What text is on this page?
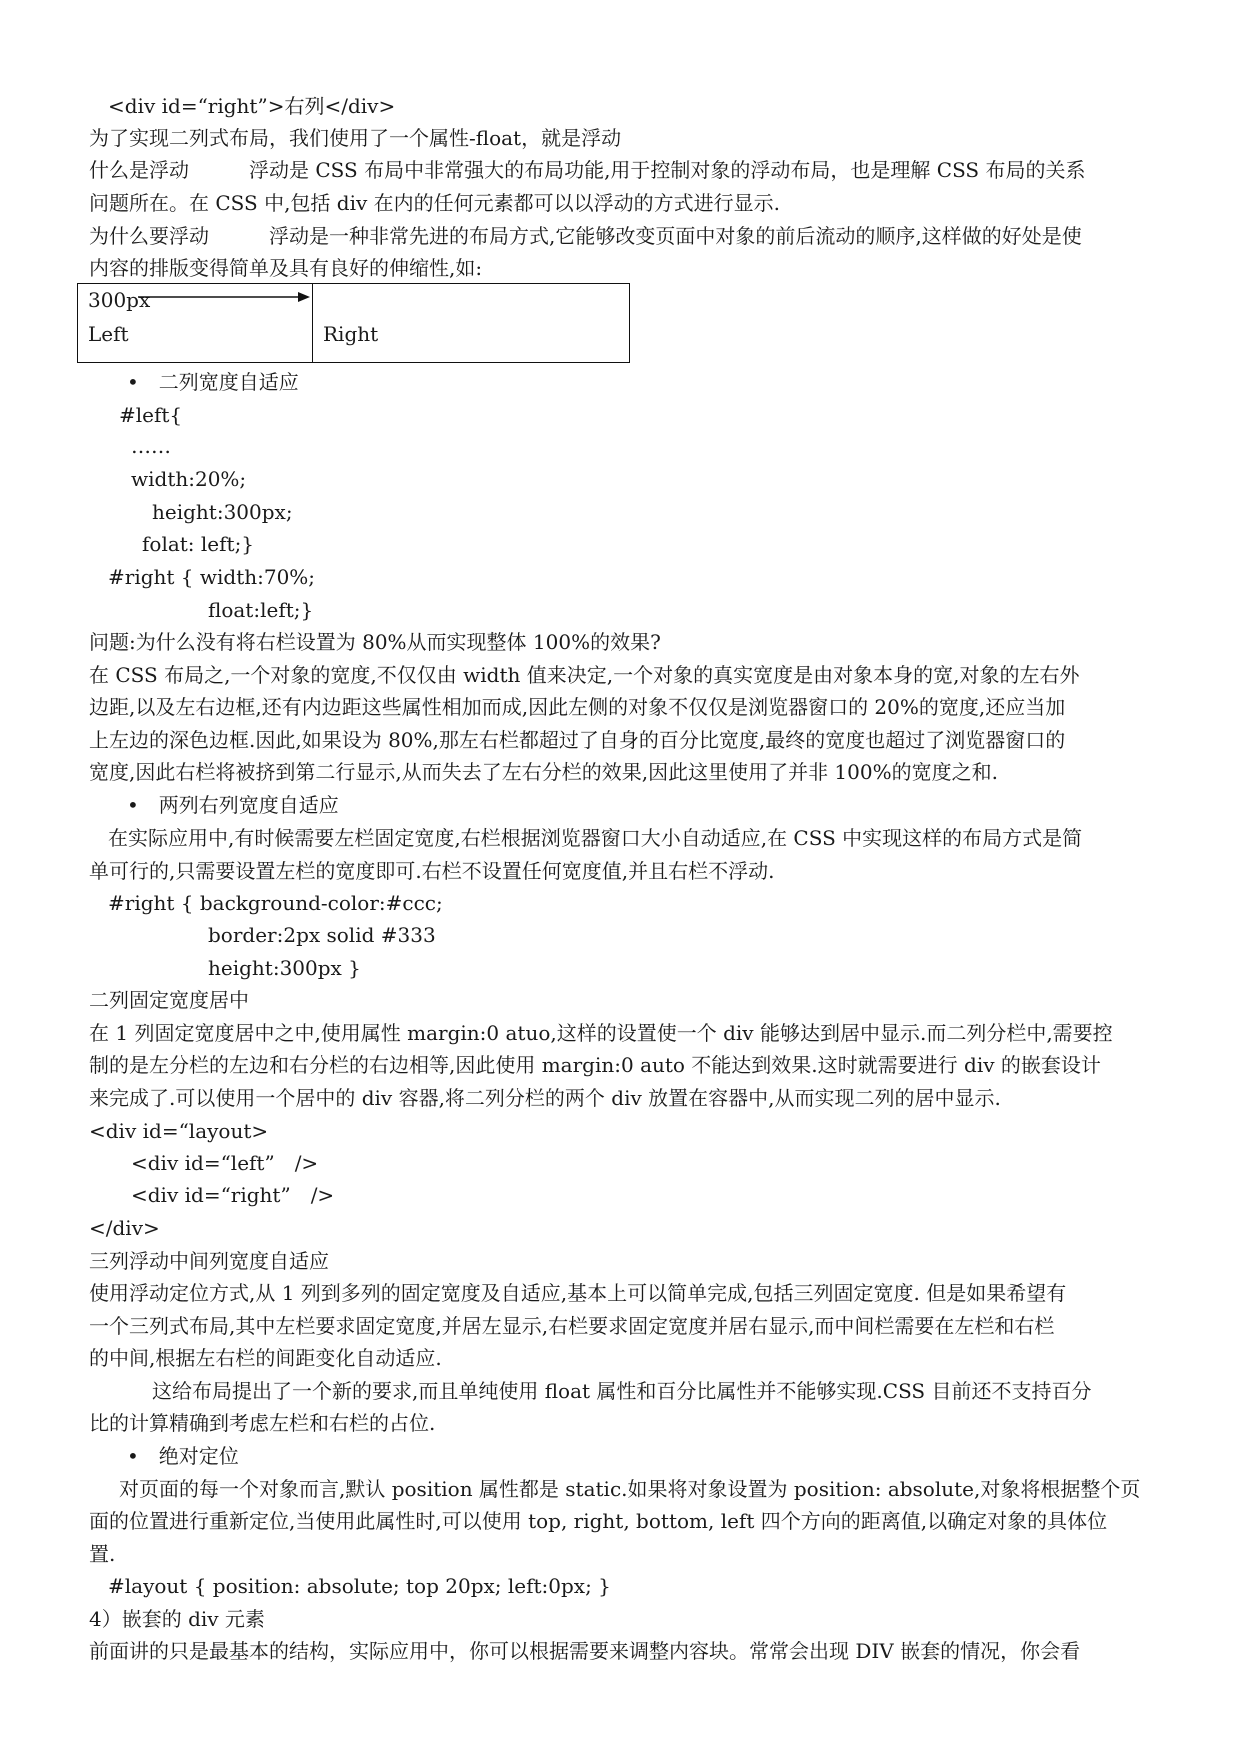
<div id=“right”>右列</div>
为了实现二列式布局，我们使用了一个属性-float，就是浮动
什么是浮动　　　浮动是 CSS 布局中非常强大的布局功能,用于控制对象的浮动布局，也是理解 CSS 布局的关系
问题所在。在 CSS 中,包括 div 在内的任何元素都可以以浮动的方式进行显示.
为什么要浮动　　　浮动是一种非常先进的布局方式,它能够改变页面中对象的前后流动的顺序,这样做的好处是使
内容的排版变得简单及具有良好的伸缩性,如:
•　二列宽度自适应
#left{
……
width:20%;
height:300px;
folat: left;}
#right { width:70%;
float:left;}
问题:为什么没有将右栏设置为 80%从而实现整体 100%的效果?
在 CSS 布局之,一个对象的宽度,不仅仅由 width 值来决定,一个对象的真实宽度是由对象本身的宽,对象的左右外
边距,以及左右边框,还有内边距这些属性相加而成,因此左侧的对象不仅仅是浏览器窗口的 20%的宽度,还应当加
上左边的深色边框.因此,如果设为 80%,那左右栏都超过了自身的百分比宽度,最终的宽度也超过了浏览器窗口的
宽度,因此右栏将被挤到第二行显示,从而失去了左右分栏的效果,因此这里使用了并非 100%的宽度之和.
•　两列右列宽度自适应
在实际应用中,有时候需要左栏固定宽度,右栏根据浏览器窗口大小自动适应,在 CSS 中实现这样的布局方式是简
单可行的,只需要设置左栏的宽度即可.右栏不设置任何宽度值,并且右栏不浮动.
#right { background-color:#ccc;
border:2px solid #333
height:300px }
二列固定宽度居中
在 1 列固定宽度居中之中,使用属性 margin:0 atuo,这样的设置使一个 div 能够达到居中显示.而二列分栏中,需要控
制的是左分栏的左边和右分栏的右边相等,因此使用 margin:0 auto 不能达到效果.这时就需要进行 div 的嵌套设计
来完成了.可以使用一个居中的 div 容器,将二列分栏的两个 div 放置在容器中,从而实现二列的居中显示.
<div id=“layout>
<div id=“left”　/>
<div id=“right”　/>
</div>
三列浮动中间列宽度自适应
使用浮动定位方式,从 1 列到多列的固定宽度及自适应,基本上可以简单完成,包括三列固定宽度. 但是如果希望有
一个三列式布局,其中左栏要求固定宽度,并居左显示,右栏要求固定宽度并居右显示,而中间栏需要在左栏和右栏
的中间,根据左右栏的间距变化自动适应.
这给布局提出了一个新的要求,而且单纯使用 float 属性和百分比属性并不能够实现.CSS 目前还不支持百分
比的计算精确到考虑左栏和右栏的占位.
•　绝对定位
对页面的每一个对象而言,默认 position 属性都是 static.如果将对象设置为 position: absolute,对象将根据整个页
面的位置进行重新定位,当使用此属性时,可以使用 top, right, bottom, left 四个方向的距离值,以确定对象的具体位
置.
#layout { position: absolute; top 20px; left:0px; }
4）嵌套的 div 元素
前面讲的只是最基本的结构，实际应用中，你可以根据需要来调整内容块。常常会出现 DIV 嵌套的情况，你会看
300px
Left	Right
